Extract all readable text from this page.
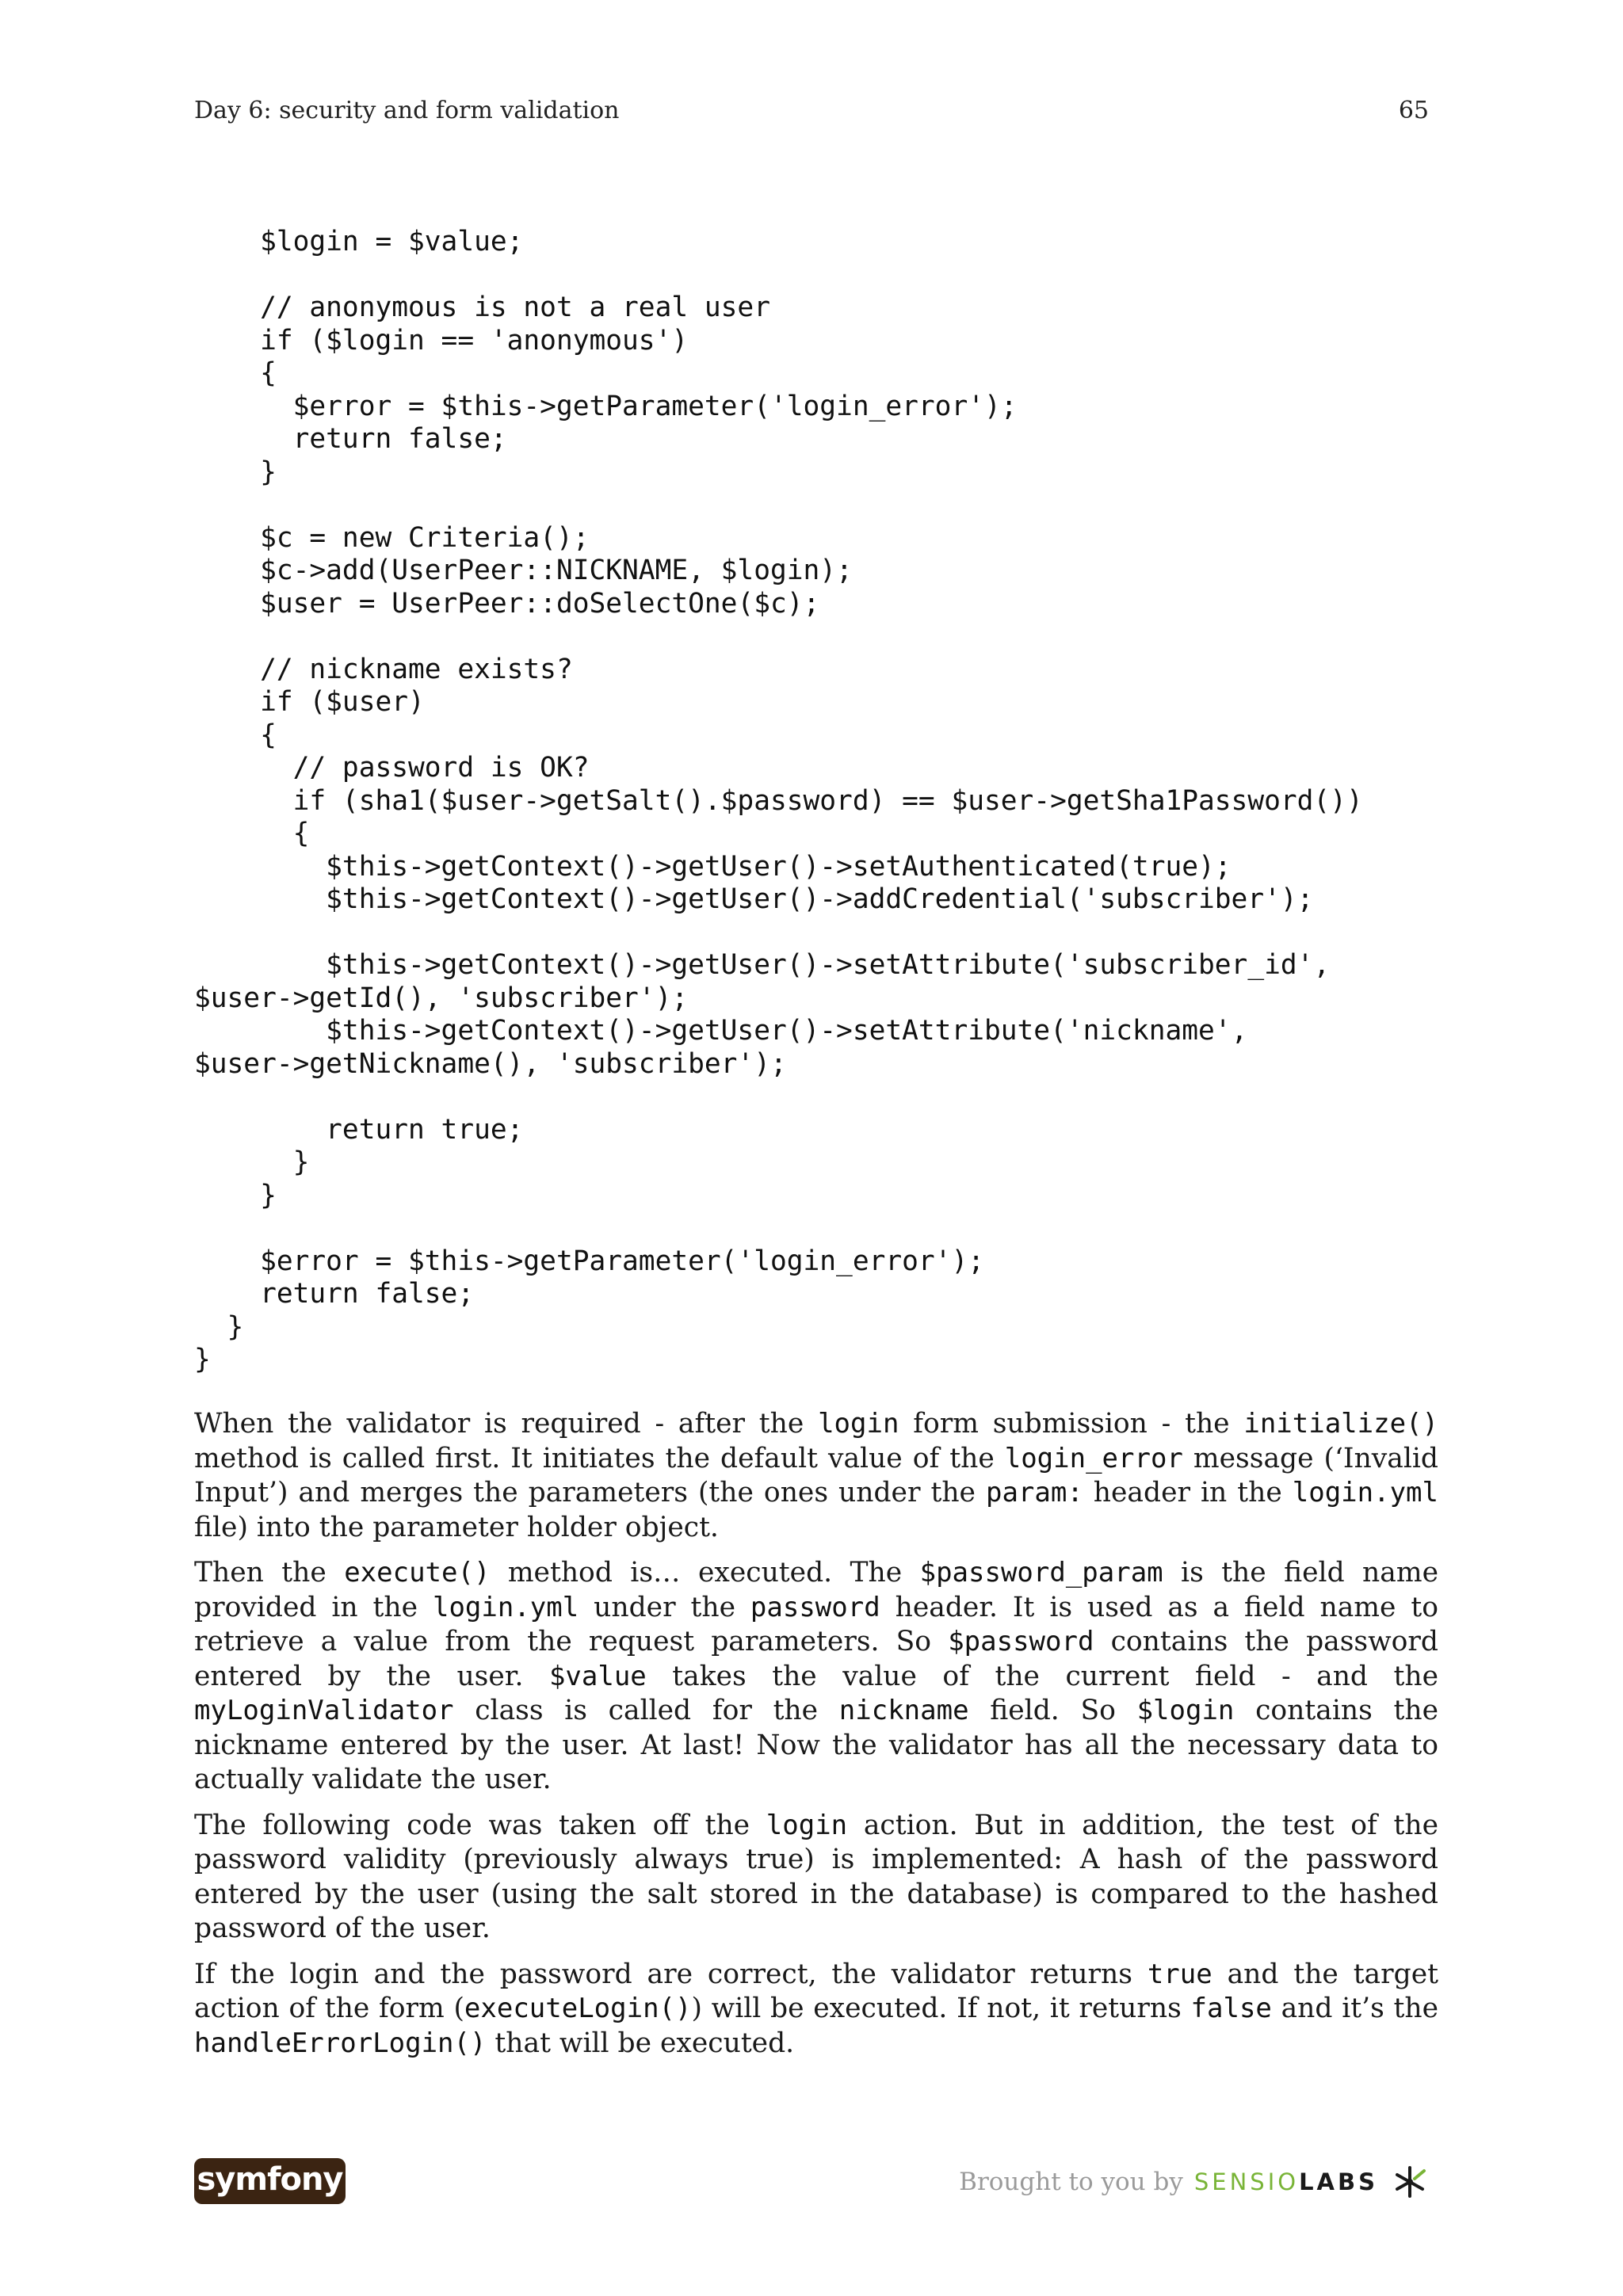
Day 6: security and form validation	65
$login = $value;

// anonymous is not a real user
if ($login == 'anonymous')
{
$error = $this->getParameter('login_error');
return false;
}

$c = new Criteria();
$c->add(UserPeer::NICKNAME, $login);
$user = UserPeer::doSelectOne($c);

// nickname exists?
if ($user)
{
// password is OK?
if (sha1($user->getSalt().$password) == $user->getSha1Password())
{
$this->getContext()->getUser()->setAuthenticated(true);
$this->getContext()->getUser()->addCredential('subscriber');

$this->getContext()->getUser()->setAttribute('subscriber_id',
$user->getId(), 'subscriber');
$this->getContext()->getUser()->setAttribute('nickname',
$user->getNickname(), 'subscriber');

return true;
}
}

$error = $this->getParameter('login_error');
return false;
}
}

When the validator is required - after the login form submission - the initialize() method is called first. It initiates the default value of the login_error message (‘Invalid Input’) and merges the parameters (the ones under the param: header in the login.yml file) into the parameter holder object.

Then the execute() method is… executed. The $password_param is the field name provided in the login.yml under the password header. It is used as a field name to retrieve a value from the request parameters. So $password contains the password entered by the user. $value takes the value of the current field - and the myLoginValidator class is called for the nickname field. So $login contains the nickname entered by the user. At last! Now the validator has all the necessary data to actually validate the user.

The following code was taken off the login action. But in addition, the test of the password validity (previously always true) is implemented: A hash of the password entered by the user (using the salt stored in the database) is compared to the hashed password of the user.

If the login and the password are correct, the validator returns true and the target action of the form (executeLogin()) will be executed. If not, it returns false and it’s the handleErrorLogin() that will be executed.

symfony	Brought to you by SENSIOLABS
